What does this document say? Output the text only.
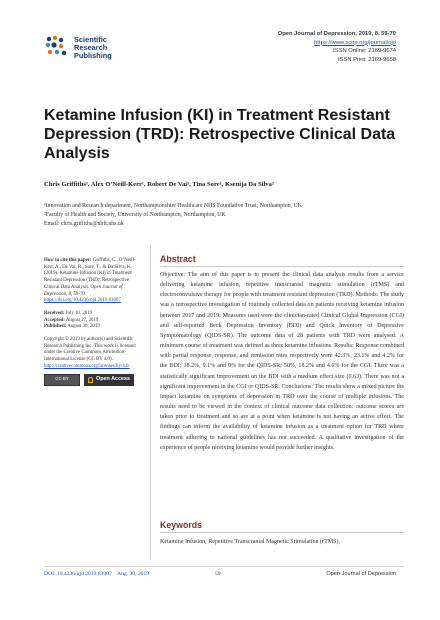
Scientific
Research
Publishing
Open Journal of Depression, 2019, 8, 59-70
https://www.scirp.org/journal/ojd
ISSN Online: 2169-9674
ISSN Print: 2169-9658
Ketamine Infusion (KI) in Treatment Resistant Depression (TRD): Retrospective Clinical Data Analysis
Chris Griffiths¹, Alex O’Neill-Kerr¹, Robert De Vai¹, Tina Sore¹, Ksenija Da Silva²
¹Innovation and Research department, Northamptonshire Healthcare NHS Foundation Trust, Northampton, UK
²Faculty of Health and Society, University of Northampton, Northampton, UK
Email: chris.griffiths@nhft.nhs.uk
How to cite this paper: Griffiths, C., O’Neill-Kerr, A., De Vai, R., Sore, T., & Da Silva, K. (2019). Ketamine Infusion (KI) in Treatment Resistant Depression (TRD): Retrospective Clinical Data Analysis. Open Journal of Depression, 8, 59-70.
https://doi.org/10.4236/ojd.2019.83007
Received: July 10, 2019
Accepted: August 27, 2019
Published: August 30, 2019
Copyright © 2019 by author(s) and Scientific Research Publishing Inc. This work is licensed under the Creative Commons Attribution International License (CC BY 4.0).
http://creativecommons.org/licenses/by/4.0/
CC BY	Open Access
Abstract
Objective: The aim of this paper is to present the clinical data analysis results from a service delivering ketamine infusion, repetitive transcranial magnetic stimulation (rTMS) and electroconvulsive therapy for people with treatment resistant depression (TRD). Methods: The study was a retrospective investigation of routinely collected data on patients receiving ketamine infusion between 2017 and 2019. Measures used were the clinician-rated Clinical Global Impression (CGI) and self-reported Beck Depression Inventory (BDI) and Quick Inventory of Depressive Symptomatology (QIDS-SR). The outcome data of 28 patients with TRD were analysed. A minimum course of treatment was defined as three ketamine infusions. Results: Response combined with partial response, response, and remission rates respectively were 42.3%, 23.1% and 4.2% for the BDI; 18.2%, 9.1% and 0% for the QIDS-SR; 50%, 18.2% and 4.6% for the CGI. There was a statistically significant improvement on the BDI with a medium effect size (0.63). There was not a significant improvement in the CGI or QIDS-SR. Conclusions: The results show a mixed picture the impact ketamine on symptoms of depression in TRD over the course of multiple infusions. The results need to be viewed in the context of clinical outcome data collection: outcome scores are taken prior to treatment and so are at a point when ketamine is not having an active effect. The findings can inform the availability of ketamine infusion as a treatment option for TRD where treatment adhering to national guidelines has not succeeded. A qualitative investigation of the experience of people receiving ketamine would provide further insights.
Keywords
Ketamine Infusion, Repetitive Transcranial Magnetic Stimulation (rTMS),
DOI: 10.4236/ojd.2019.83007 Aug. 30, 2019	59	Open Journal of Depression
